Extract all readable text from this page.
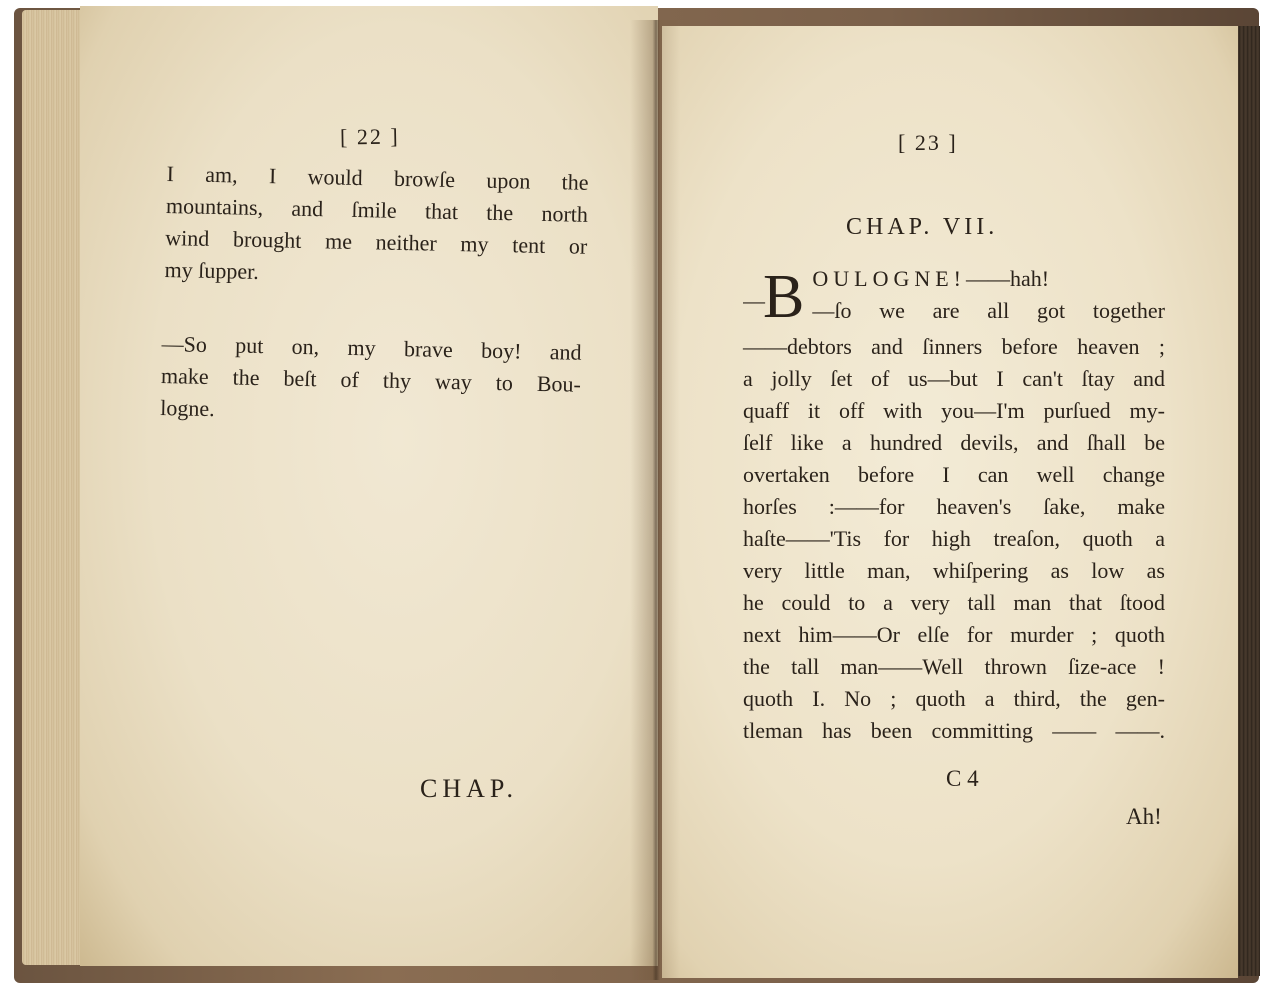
[ 22 ]
I am, I would browſe upon the
mountains, and ſmile that the north
wind brought me neither my tent or
my ſupper.
—So put on, my brave boy! and
make the beſt of thy way to Bou-
logne.
CHAP.
[ 23 ]
CHAP. VII.
— B OULOGNE!——hah!
—ſo we are all got together
——debtors and ſinners before heaven ;
a jolly ſet of us—but I can't ſtay and
quaff it off with you—I'm purſued my-
ſelf like a hundred devils, and ſhall be
overtaken before I can well change
horſes :——for heaven's ſake, make
haſte——'Tis for high treaſon, quoth a
very little man, whiſpering as low as
he could to a very tall man that ſtood
next him——Or elſe for murder ; quoth
the tall man——Well thrown ſize-ace !
quoth I. No ; quoth a third, the gen-
tleman has been committing —— ——.
C 4
Ah!
